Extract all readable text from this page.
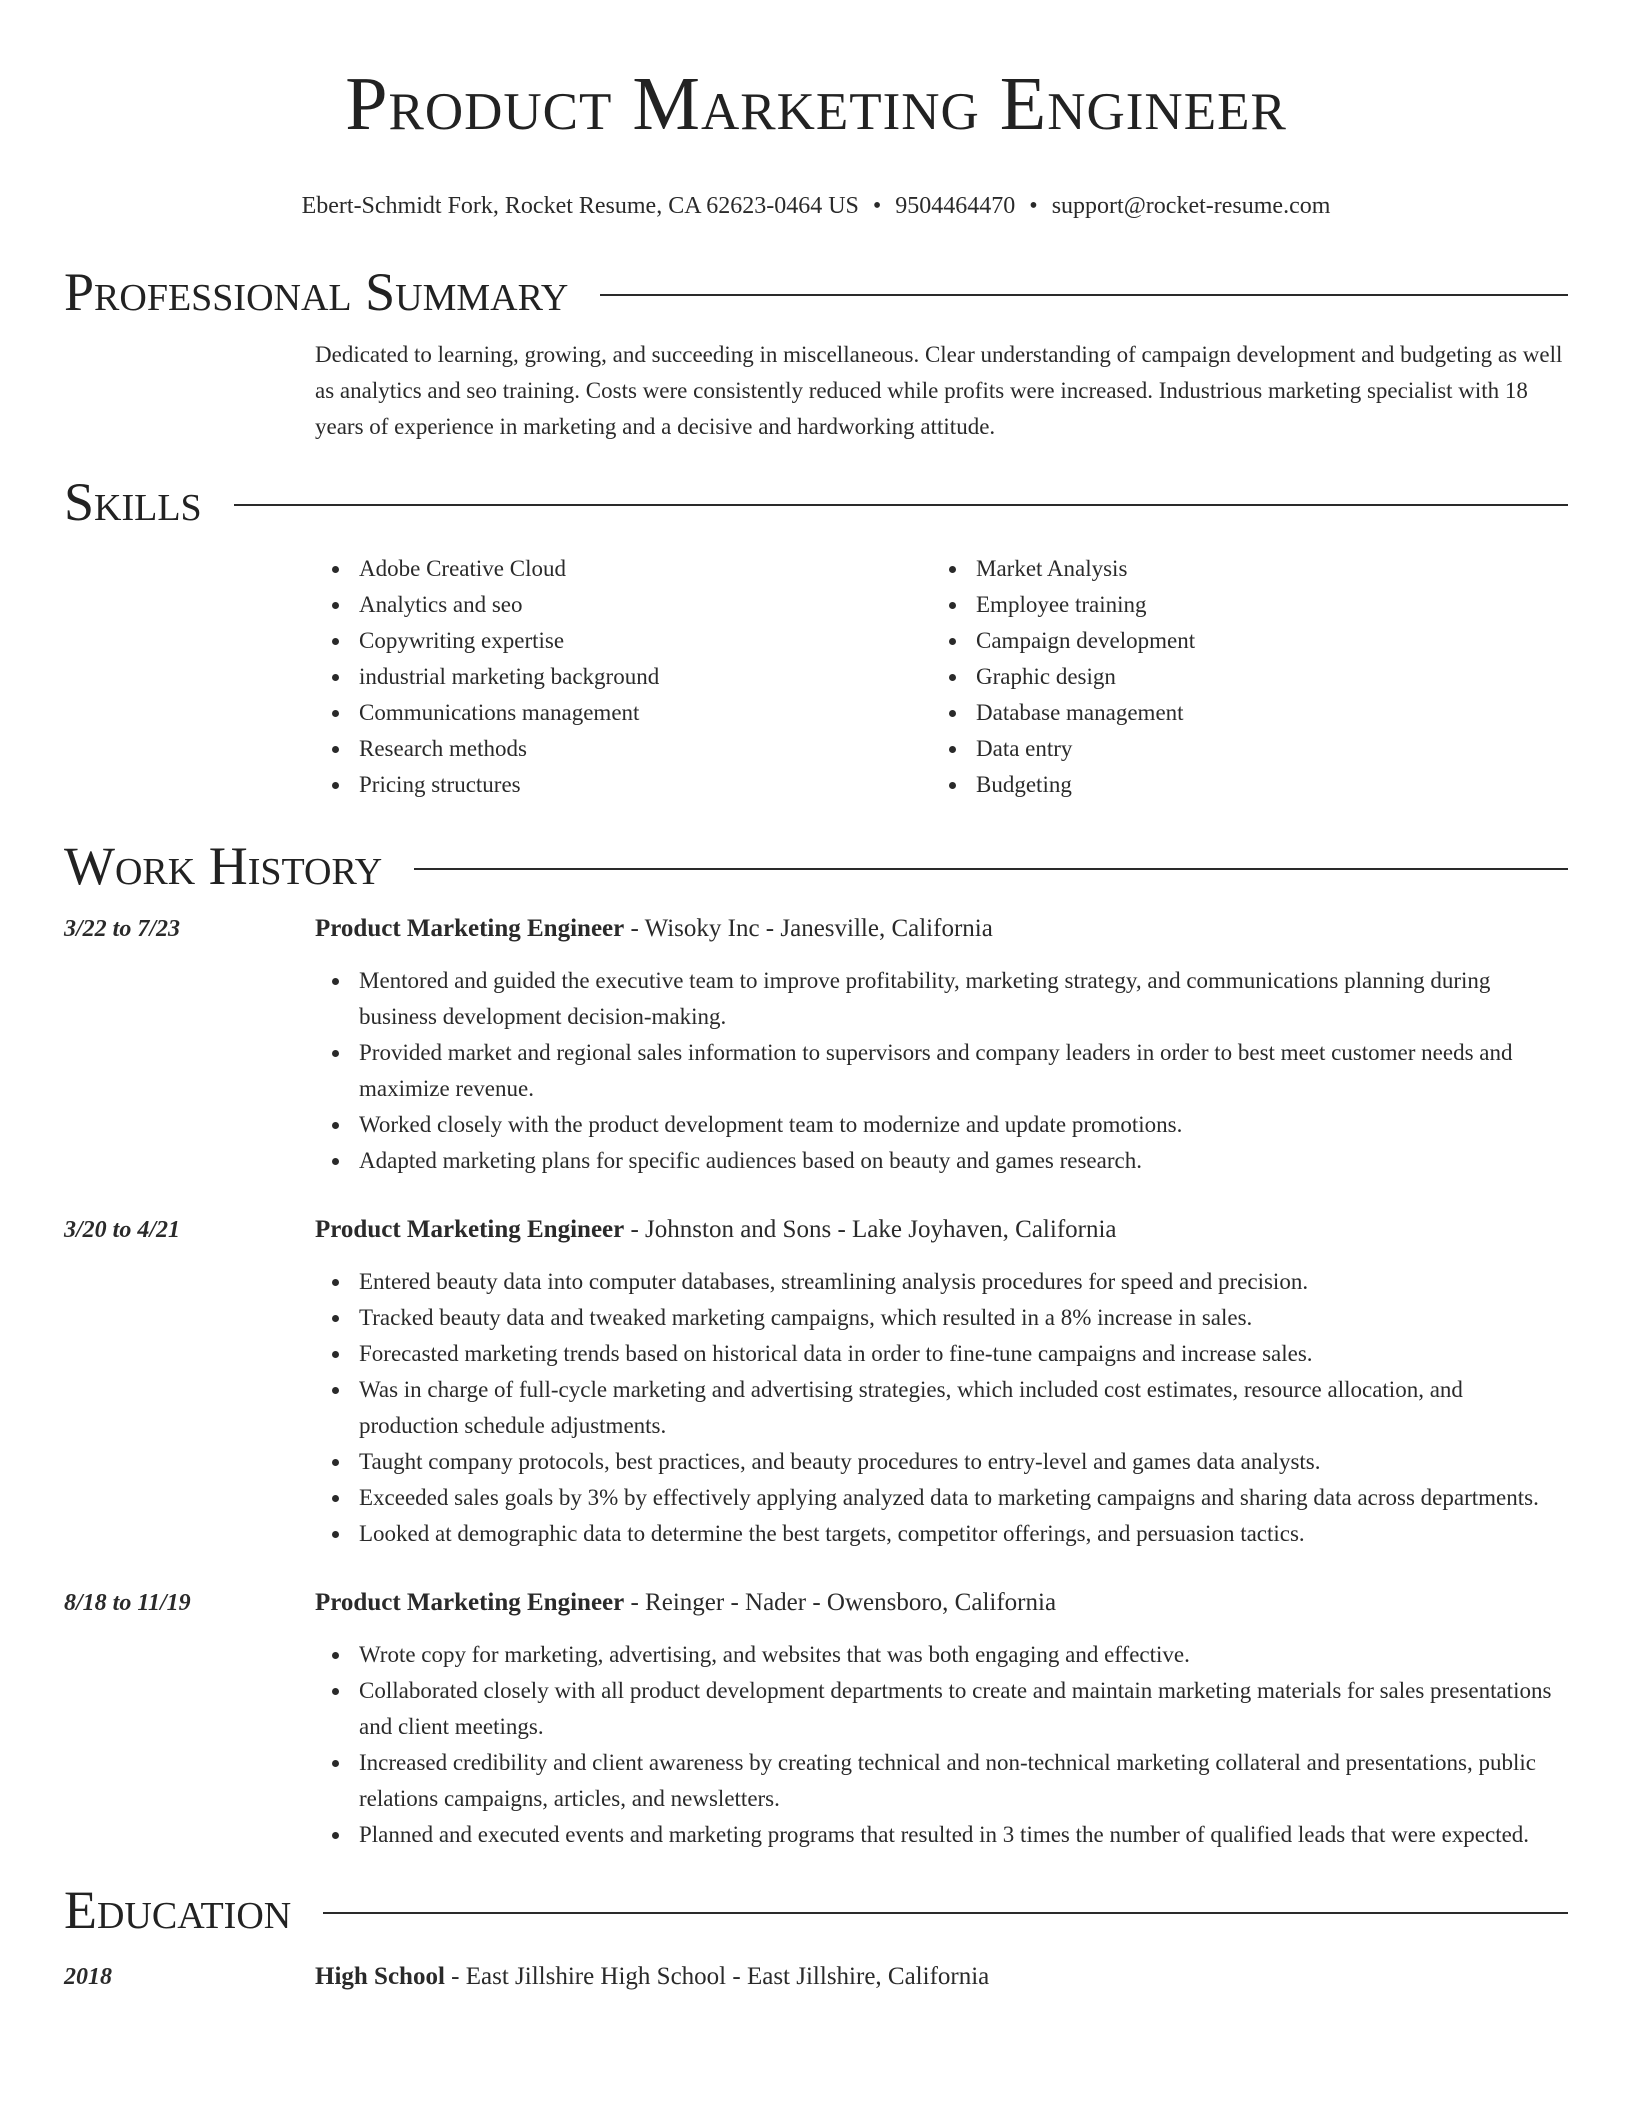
Product Marketing Engineer
Ebert-Schmidt Fork, Rocket Resume, CA 62623-0464 US • 9504464470 • support@rocket-resume.com
Professional Summary
Dedicated to learning, growing, and succeeding in miscellaneous. Clear understanding of campaign development and budgeting as well as analytics and seo training. Costs were consistently reduced while profits were increased. Industrious marketing specialist with 18 years of experience in marketing and a decisive and hardworking attitude.
Skills
Adobe Creative Cloud
Analytics and seo
Copywriting expertise
industrial marketing background
Communications management
Research methods
Pricing structures
Market Analysis
Employee training
Campaign development
Graphic design
Database management
Data entry
Budgeting
Work History
3/22 to 7/23	Product Marketing Engineer - Wisoky Inc - Janesville, California
Mentored and guided the executive team to improve profitability, marketing strategy, and communications planning during business development decision-making.
Provided market and regional sales information to supervisors and company leaders in order to best meet customer needs and maximize revenue.
Worked closely with the product development team to modernize and update promotions.
Adapted marketing plans for specific audiences based on beauty and games research.
3/20 to 4/21	Product Marketing Engineer - Johnston and Sons - Lake Joyhaven, California
Entered beauty data into computer databases, streamlining analysis procedures for speed and precision.
Tracked beauty data and tweaked marketing campaigns, which resulted in a 8% increase in sales.
Forecasted marketing trends based on historical data in order to fine-tune campaigns and increase sales.
Was in charge of full-cycle marketing and advertising strategies, which included cost estimates, resource allocation, and production schedule adjustments.
Taught company protocols, best practices, and beauty procedures to entry-level and games data analysts.
Exceeded sales goals by 3% by effectively applying analyzed data to marketing campaigns and sharing data across departments.
Looked at demographic data to determine the best targets, competitor offerings, and persuasion tactics.
8/18 to 11/19	Product Marketing Engineer - Reinger - Nader - Owensboro, California
Wrote copy for marketing, advertising, and websites that was both engaging and effective.
Collaborated closely with all product development departments to create and maintain marketing materials for sales presentations and client meetings.
Increased credibility and client awareness by creating technical and non-technical marketing collateral and presentations, public relations campaigns, articles, and newsletters.
Planned and executed events and marketing programs that resulted in 3 times the number of qualified leads that were expected.
Education
2018	High School - East Jillshire High School - East Jillshire, California
